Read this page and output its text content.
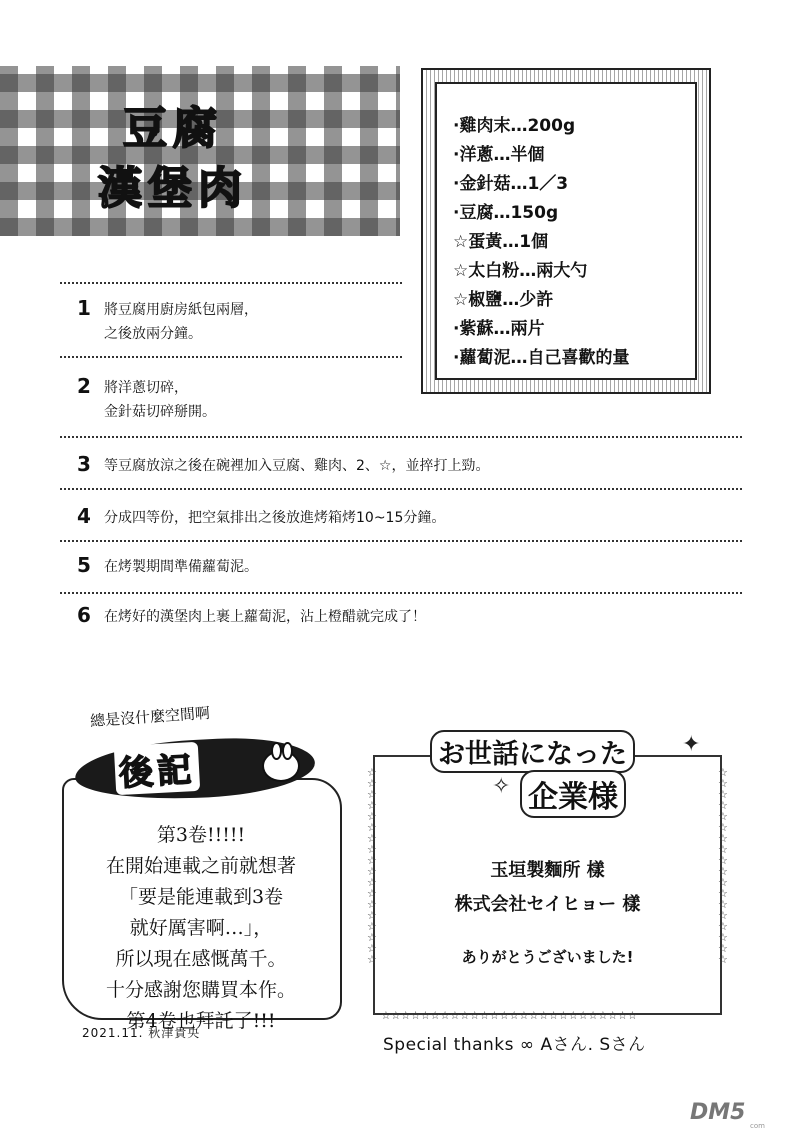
豆腐
漢堡肉
·雞肉末…200g
·洋蔥…半個
·金針菇…1／3
·豆腐…150g
☆蛋黃…1個
☆太白粉…兩大勺
☆椒鹽…少許
·紫蘇…兩片
·蘿蔔泥…自己喜歡的量
1 將豆腐用廚房紙包兩層，
之後放兩分鐘。
2 將洋蔥切碎，
金針菇切碎掰開。
3 等豆腐放涼之後在碗裡加入豆腐、雞肉、2、☆，並捽打上勁。
4 分成四等份，把空氣排出之後放進烤箱烤10~15分鐘。
5 在烤製期間準備蘿蔔泥。
6 在烤好的漢堡肉上裹上蘿蔔泥，沾上橙醋就完成了！
總是沒什麼空間啊
後記
第3卷!!!!!
在開始連載之前就想著
「要是能連載到3卷
就好厲害啊…」，
所以現在感慨萬千。
十分感謝您購買本作。
第4卷也拜託了!!!
2021.11. 秋津貴央
☆☆☆☆☆☆☆☆☆☆☆☆☆☆☆☆☆☆
☆☆☆☆☆☆☆☆☆☆☆☆☆☆☆☆☆☆
☆☆☆☆☆☆☆☆☆☆☆☆☆☆☆☆☆☆☆☆☆☆☆☆☆☆
お世話になった	✦
✧ 企業様
玉垣製麵所 樣
株式会社セイヒョー 樣
ありがとうございました!
Special thanks ∞ Aさん. Sさん
DM5
com
